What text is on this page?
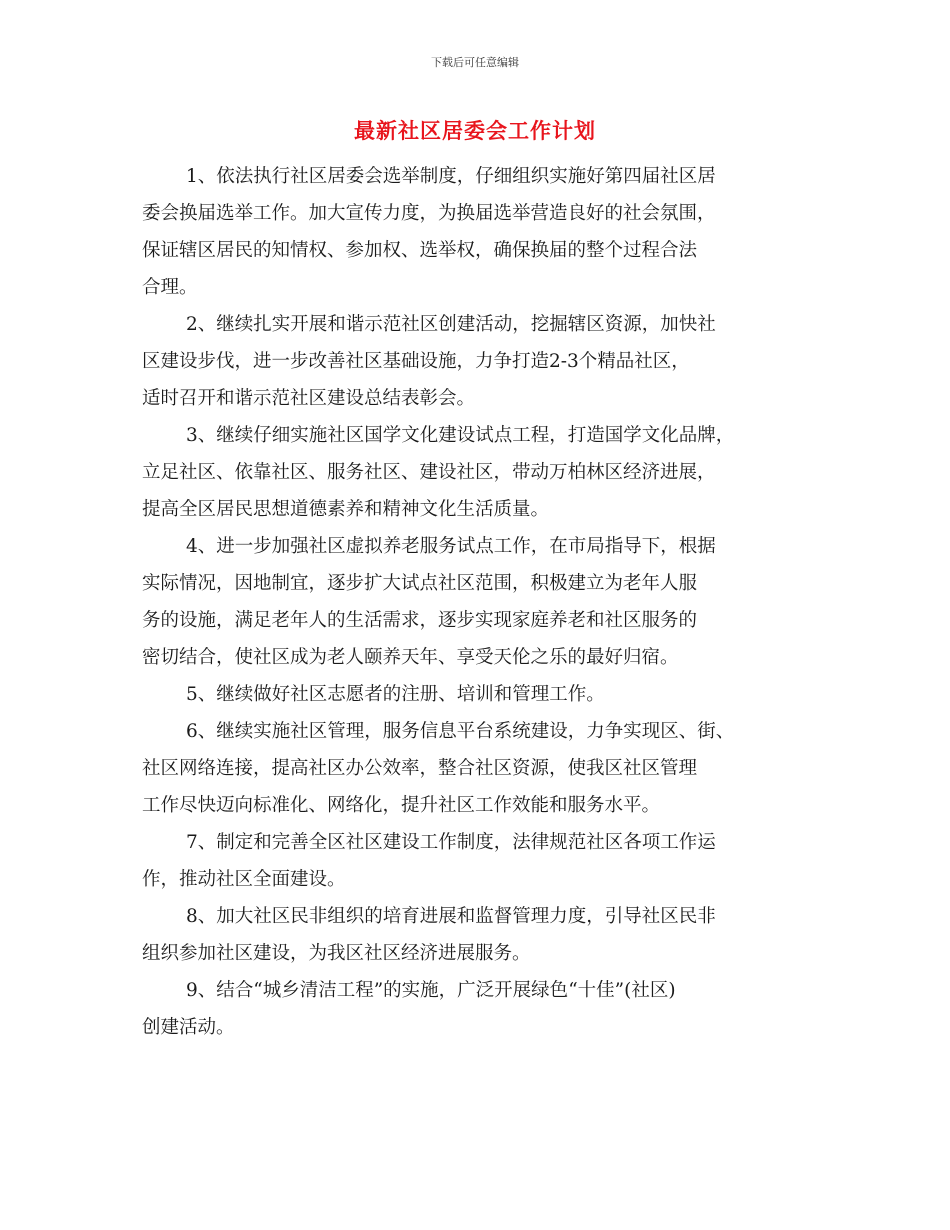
下载后可任意编辑
最新社区居委会工作计划
1、依法执行社区居委会选举制度，仔细组织实施好第四届社区居
委会换届选举工作。加大宣传力度，为换届选举营造良好的社会氛围，
保证辖区居民的知情权、参加权、选举权，确保换届的整个过程合法
合理。
2、继续扎实开展和谐示范社区创建活动，挖掘辖区资源，加快社
区建设步伐，进一步改善社区基础设施，力争打造2-3个精品社区，
适时召开和谐示范社区建设总结表彰会。
3、继续仔细实施社区国学文化建设试点工程，打造国学文化品牌，
立足社区、依靠社区、服务社区、建设社区，带动万柏林区经济进展，
提高全区居民思想道德素养和精神文化生活质量。
4、进一步加强社区虚拟养老服务试点工作，在市局指导下，根据
实际情况，因地制宜，逐步扩大试点社区范围，积极建立为老年人服
务的设施，满足老年人的生活需求，逐步实现家庭养老和社区服务的
密切结合，使社区成为老人颐养天年、享受天伦之乐的最好归宿。
5、继续做好社区志愿者的注册、培训和管理工作。
6、继续实施社区管理，服务信息平台系统建设，力争实现区、街、
社区网络连接，提高社区办公效率，整合社区资源，使我区社区管理
工作尽快迈向标准化、网络化，提升社区工作效能和服务水平。
7、制定和完善全区社区建设工作制度，法律规范社区各项工作运
作，推动社区全面建设。
8、加大社区民非组织的培育进展和监督管理力度，引导社区民非
组织参加社区建设，为我区社区经济进展服务。
9、结合“城乡清洁工程”的实施，广泛开展绿色“十佳”(社区)
创建活动。
